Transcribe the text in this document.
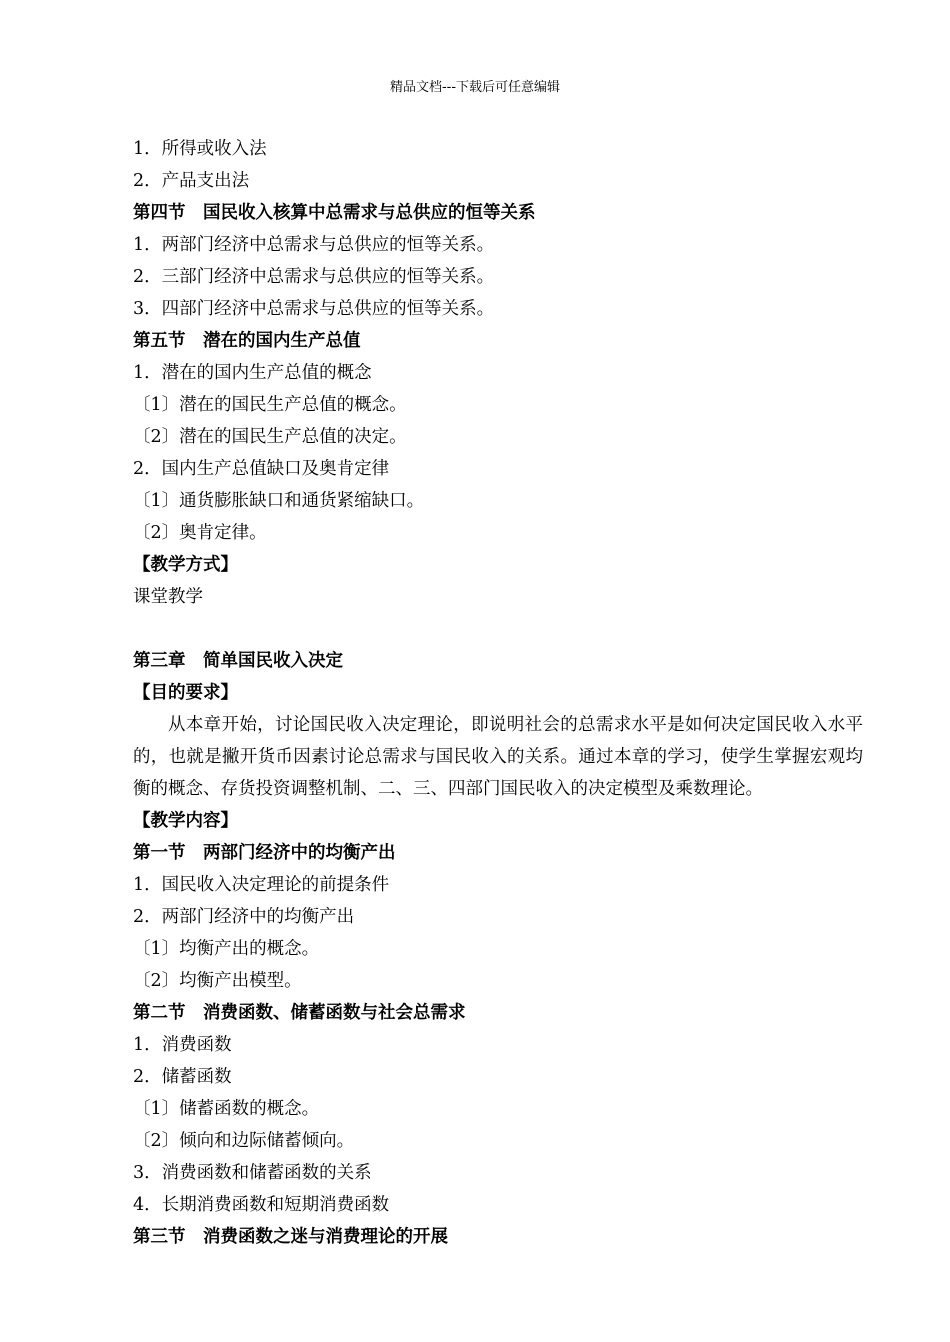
精品文档---下载后可任意编辑
1．所得或收入法
2．产品支出法
第四节　国民收入核算中总需求与总供应的恒等关系
1．两部门经济中总需求与总供应的恒等关系。
2．三部门经济中总需求与总供应的恒等关系。
3．四部门经济中总需求与总供应的恒等关系。
第五节　潜在的国内生产总值
1．潜在的国内生产总值的概念
〔1〕潜在的国民生产总值的概念。
〔2〕潜在的国民生产总值的决定。
2．国内生产总值缺口及奥肯定律
〔1〕通货膨胀缺口和通货紧缩缺口。
〔2〕奥肯定律。
【教学方式】
课堂教学
第三章　简单国民收入决定
【目的要求】

从本章开始，讨论国民收入决定理论，即说明社会的总需求水平是如何决定国民收入水平的，也就是撇开货币因素讨论总需求与国民收入的关系。通过本章的学习，使学生掌握宏观均衡的概念、存货投资调整机制、二、三、四部门国民收入的决定模型及乘数理论。

【教学内容】
第一节　两部门经济中的均衡产出
1．国民收入决定理论的前提条件
2．两部门经济中的均衡产出
〔1〕均衡产出的概念。
〔2〕均衡产出模型。
第二节　消费函数、储蓄函数与社会总需求
1．消费函数
2．储蓄函数
〔1〕储蓄函数的概念。
〔2〕倾向和边际储蓄倾向。
3．消费函数和储蓄函数的关系
4．长期消费函数和短期消费函数
第三节　消费函数之迷与消费理论的开展
